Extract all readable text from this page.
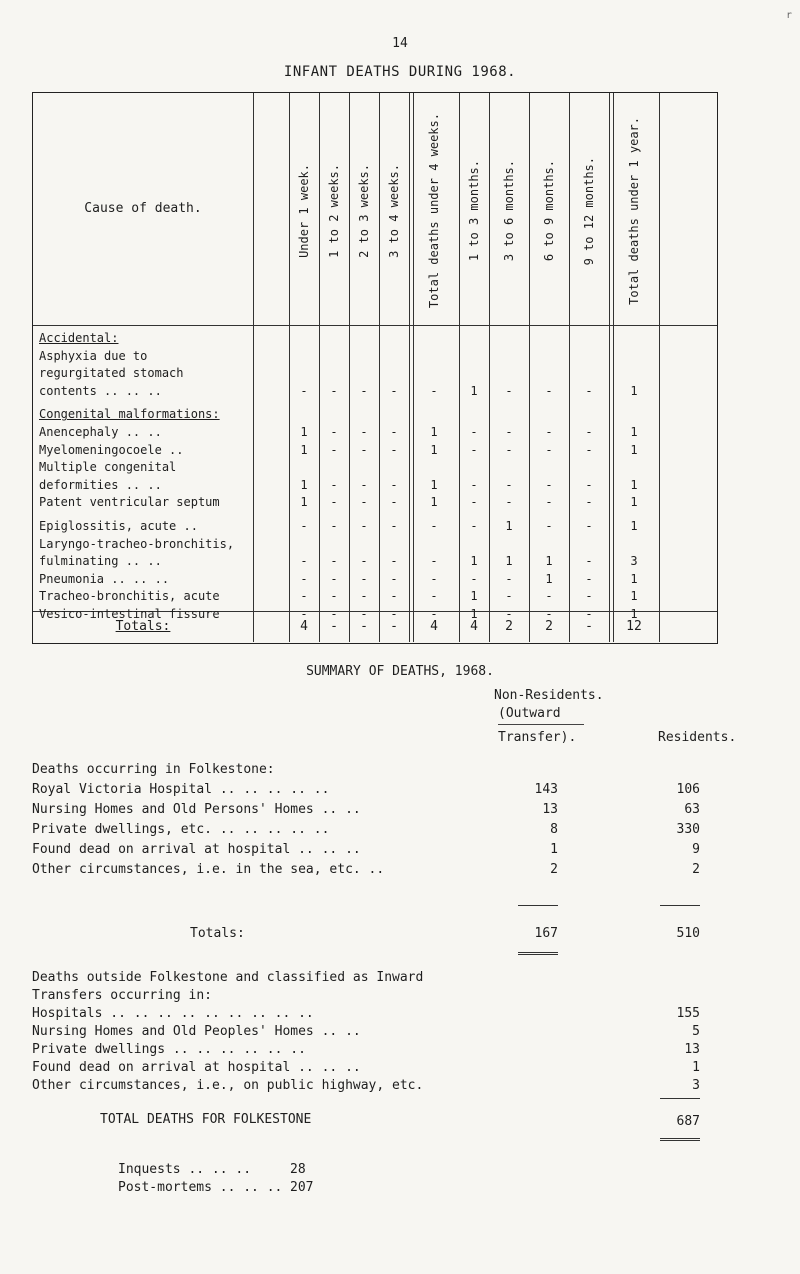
14
r
INFANT DEATHS DURING 1968.
Cause of death.	Under 1 week. 1 to 2 weeks. 2 to 3 weeks. 3 to 4 weeks. Total deaths under 4 weeks. 1 to 3 months. 3 to 6 months. 6 to 9 months. 9 to 12 months.	Total deaths under 1 year.
Accidental:
Asphyxia due to
regurgitated stomach
contents .. .. ..	-	-	-	-	-	1	-	-	-	1
Congenital malformations:
Anencephaly .. ..	1	-	-	-	1	-	-	-	-	1
Myelomeningocoele ..	1	-	-	-	1	-	-	-	-	1
Multiple congenital
deformities .. ..	1	-	-	-	1	-	-	-	-	1
Patent ventricular septum	1	-	-	-	1	-	-	-	-	1
Epiglossitis, acute ..	-	-	-	-	-	-	1	-	-	1
Laryngo-tracheo-bronchitis,
fulminating .. ..	-	-	-	-	-	1	1	1	-	3
Pneumonia .. .. ..	-	-	-	-	-	-	-	1	-	1
Tracheo-bronchitis, acute	-	-	-	-	-	1	-	-	-	1
Vesico-intestinal fissure	-	-	-	-	-	1	-	-	-	1
Totals:	4	-	-	-	4	4	2	2	-	12
SUMMARY OF DEATHS, 1968.
Non-Residents.
(Outward
Transfer).	Residents.
Deaths occurring in Folkestone:
Royal Victoria Hospital .. .. .. .. ..	143	106
Nursing Homes and Old Persons' Homes .. ..	13	63
Private dwellings, etc. .. .. .. .. ..	8	330
Found dead on arrival at hospital .. .. ..	1	9
Other circumstances, i.e. in the sea, etc. ..	2	2
Totals:	167	510
Deaths outside Folkestone and classified as Inward
Transfers occurring in:
Hospitals .. .. .. .. .. .. .. .. ..	155
Nursing Homes and Old Peoples' Homes .. ..	5
Private dwellings .. .. .. .. .. ..	13
Found dead on arrival at hospital .. .. ..	1
Other circumstances, i.e., on public highway, etc.	3
TOTAL DEATHS FOR FOLKESTONE	687
Inquests .. .. ..	28
Post-mortems .. .. .. 207
